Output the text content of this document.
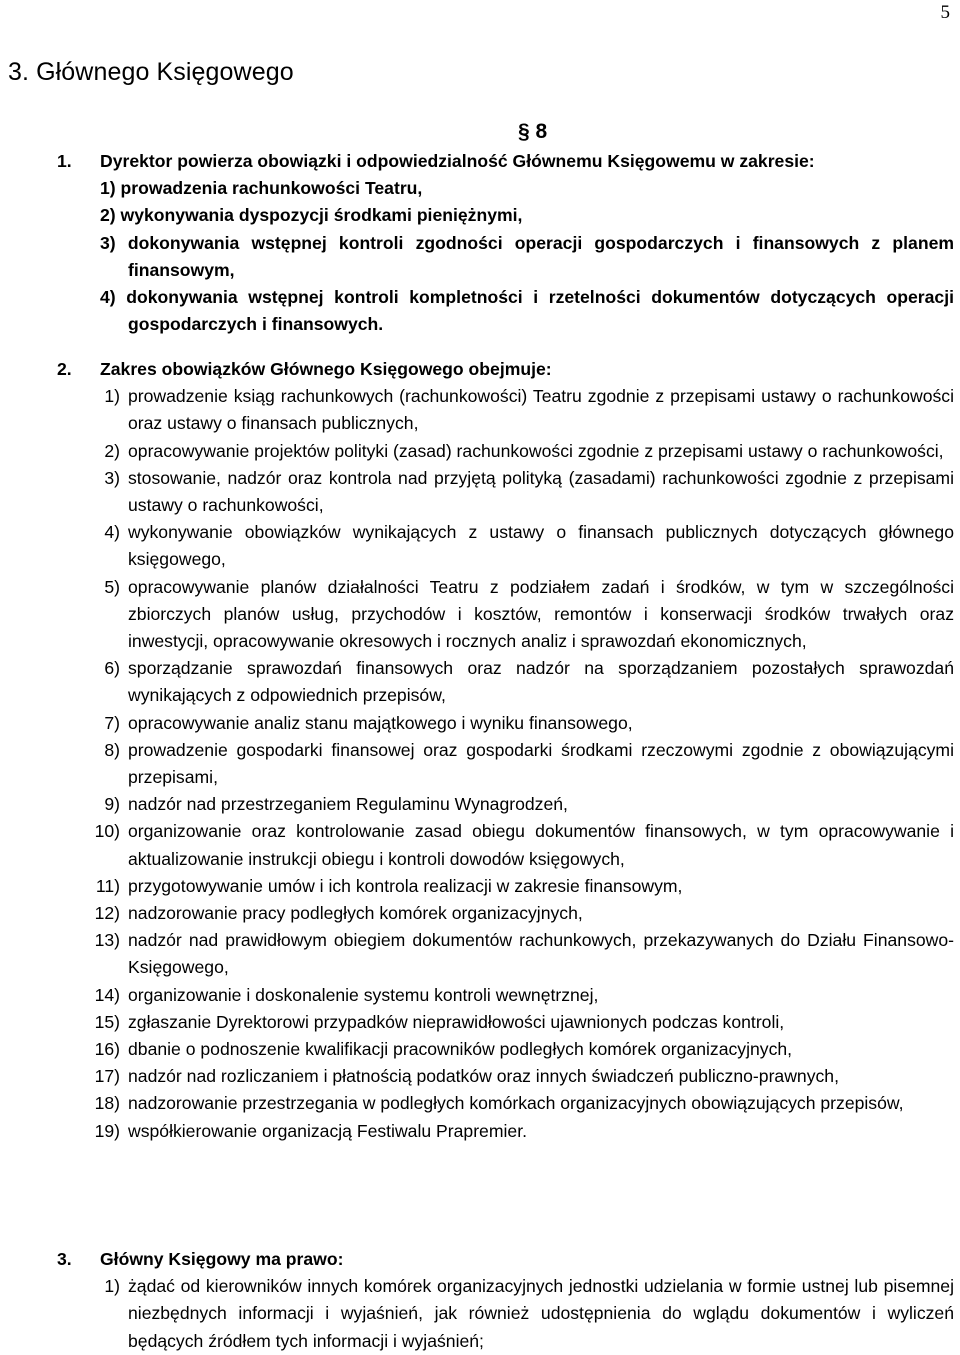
5
3. Głównego Księgowego
§ 8
1. Dyrektor powierza obowiązki i odpowiedzialność Głównemu Księgowemu w zakresie:
1) prowadzenia rachunkowości Teatru,
2) wykonywania dyspozycji środkami pieniężnymi,
3) dokonywania wstępnej kontroli zgodności operacji gospodarczych i finansowych z planem finansowym,
4) dokonywania wstępnej kontroli kompletności i rzetelności dokumentów dotyczących operacji gospodarczych i finansowych.
2. Zakres obowiązków Głównego Księgowego obejmuje:
1) prowadzenie ksiąg rachunkowych (rachunkowości) Teatru zgodnie z przepisami ustawy o rachunkowości oraz ustawy o finansach publicznych,
2) opracowywanie projektów polityki (zasad) rachunkowości zgodnie z przepisami ustawy o rachunkowości,
3) stosowanie, nadzór oraz kontrola nad przyjętą polityką (zasadami) rachunkowości zgodnie z przepisami ustawy o rachunkowości,
4) wykonywanie obowiązków wynikających z ustawy o finansach publicznych dotyczących głównego księgowego,
5) opracowywanie planów działalności Teatru z podziałem zadań i środków, w tym w szczególności zbiorczych planów usług, przychodów i kosztów, remontów i konserwacji środków trwałych oraz inwestycji, opracowywanie okresowych i rocznych analiz i sprawozdań ekonomicznych,
6) sporządzanie sprawozdań finansowych oraz nadzór na sporządzaniem pozostałych sprawozdań wynikających z odpowiednich przepisów,
7) opracowywanie analiz stanu majątkowego i wyniku finansowego,
8) prowadzenie gospodarki finansowej oraz gospodarki środkami rzeczowymi zgodnie z obowiązującymi przepisami,
9) nadzór nad przestrzeganiem Regulaminu Wynagrodzeń,
10) organizowanie oraz kontrolowanie zasad obiegu dokumentów finansowych, w tym opracowywanie i aktualizowanie instrukcji obiegu i kontroli dowodów księgowych,
11) przygotowywanie umów i ich kontrola realizacji w zakresie finansowym,
12) nadzorowanie pracy podległych komórek organizacyjnych,
13) nadzór nad prawidłowym obiegiem dokumentów rachunkowych, przekazywanych do Działu Finansowo-Księgowego,
14) organizowanie i doskonalenie systemu kontroli wewnętrznej,
15) zgłaszanie Dyrektorowi przypadków nieprawidłowości ujawnionych podczas kontroli,
16) dbanie o podnoszenie kwalifikacji pracowników podległych komórek organizacyjnych,
17) nadzór nad rozliczaniem i płatnością podatków oraz innych świadczeń publiczno-prawnych,
18) nadzorowanie przestrzegania w podległych komórkach organizacyjnych obowiązujących przepisów,
19) współkierowanie organizacją Festiwalu Prapremier.
3. Główny Księgowy ma prawo:
1) żądać od kierowników innych komórek organizacyjnych jednostki udzielania w formie ustnej lub pisemnej niezbędnych informacji i wyjaśnień, jak również udostępnienia do wglądu dokumentów i wyliczeń będących źródłem tych informacji i wyjaśnień;
